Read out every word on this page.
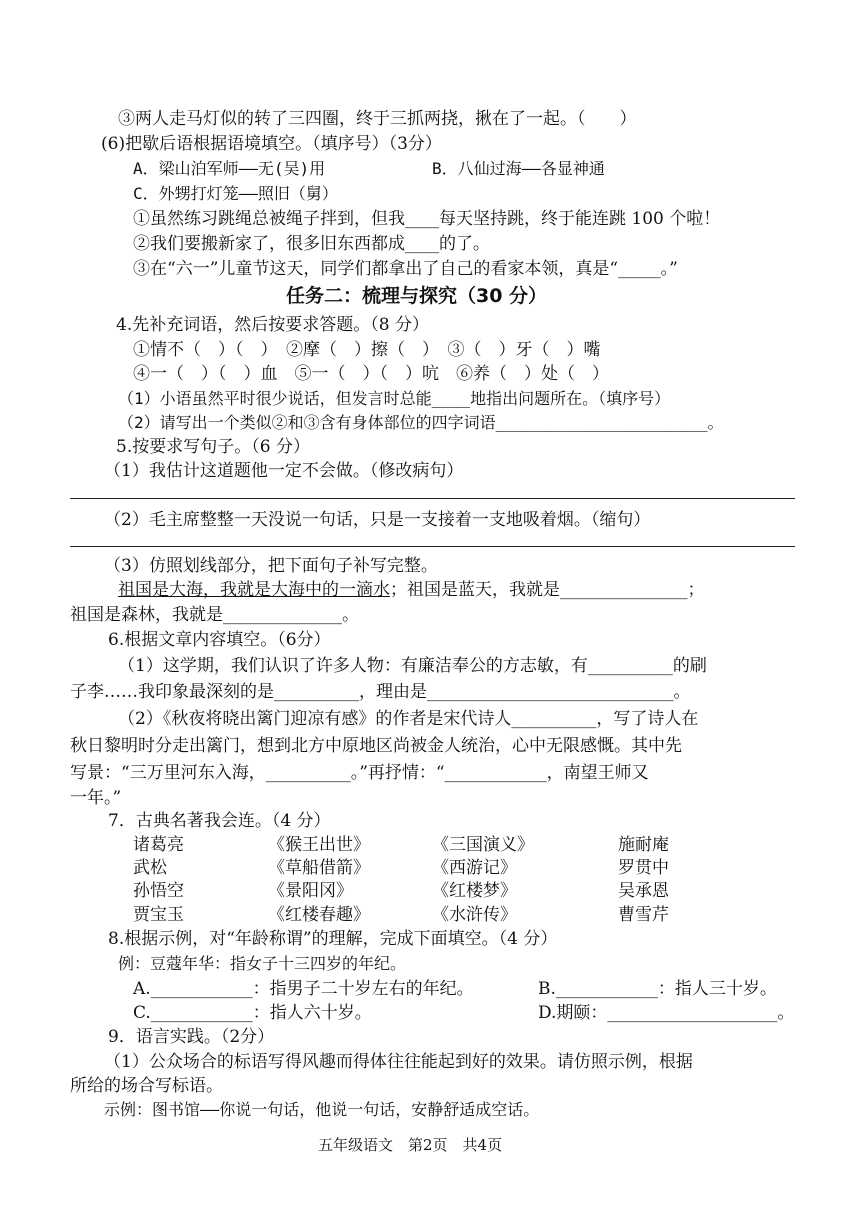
③两人走马灯似的转了三四圈，终于三抓两挠，揪在了一起。（　　）
(6)把歇后语根据语境填空。（填序号）（3分）
A．梁山泊军师——无(吴)用	B．八仙过海——各显神通
C．外甥打灯笼——照旧（舅）
①虽然练习跳绳总被绳子拌到，但我____每天坚持跳，终于能连跳 100 个啦！
②我们要搬新家了，很多旧东西都成____的了。
③在“六一”儿童节这天，同学们都拿出了自己的看家本领，真是“_____。”
任务二：梳理与探究（30 分）
4.先补充词语，然后按要求答题。（8 分）
①情不（　）（　）　②摩（　）擦（　）　③（　）牙（　）嘴
④一（　）（　）血　⑤一（　）（　）吭　⑥养（　）处（　）
（1）小语虽然平时很少说话，但发言时总能____地指出问题所在。（填序号）
（2）请写出一个类似②和③含有身体部位的四字词语______________________。
5.按要求写句子。（6 分）
（1）我估计这道题他一定不会做。（修改病句）
（2）毛主席整整一天没说一句话，只是一支接着一支地吸着烟。（缩句）
（3）仿照划线部分，把下面句子补写完整。
祖国是大海，我就是大海中的一滴水；祖国是蓝天，我就是_______________；
祖国是森林，我就是______________。
6.根据文章内容填空。（6分）
（1）这学期，我们认识了许多人物：有廉洁奉公的方志敏，有__________的刷
子李……我印象最深刻的是__________，理由是_____________________________。
（2）《秋夜将晓出篱门迎凉有感》的作者是宋代诗人__________，写了诗人在
秋日黎明时分走出篱门，想到北方中原地区尚被金人统治，心中无限感慨。其中先
写景：“三万里河东入海，__________。”再抒情：“____________，南望王师又
一年。”
7．古典名著我会连。（4 分）
诸葛亮	《猴王出世》	《三国演义》	施耐庵
武松	《草船借箭》	《西游记》	罗贯中
孙悟空	《景阳冈》	《红楼梦》	吴承恩
贾宝玉	《红楼春趣》	《水浒传》	曹雪芹
8.根据示例，对“年龄称谓”的理解，完成下面填空。（4 分）
例：豆蔻年华：指女子十三四岁的年纪。
A.____________：指男子二十岁左右的年纪。	B.____________：指人三十岁。
C.____________：指人六十岁。	D.期颐：____________________。
9．语言实践。（2分）
（1）公众场合的标语写得风趣而得体往往能起到好的效果。请仿照示例，根据
所给的场合写标语。
示例：图书馆——你说一句话，他说一句话，安静舒适成空话。
五年级语文　第2页　共4页
